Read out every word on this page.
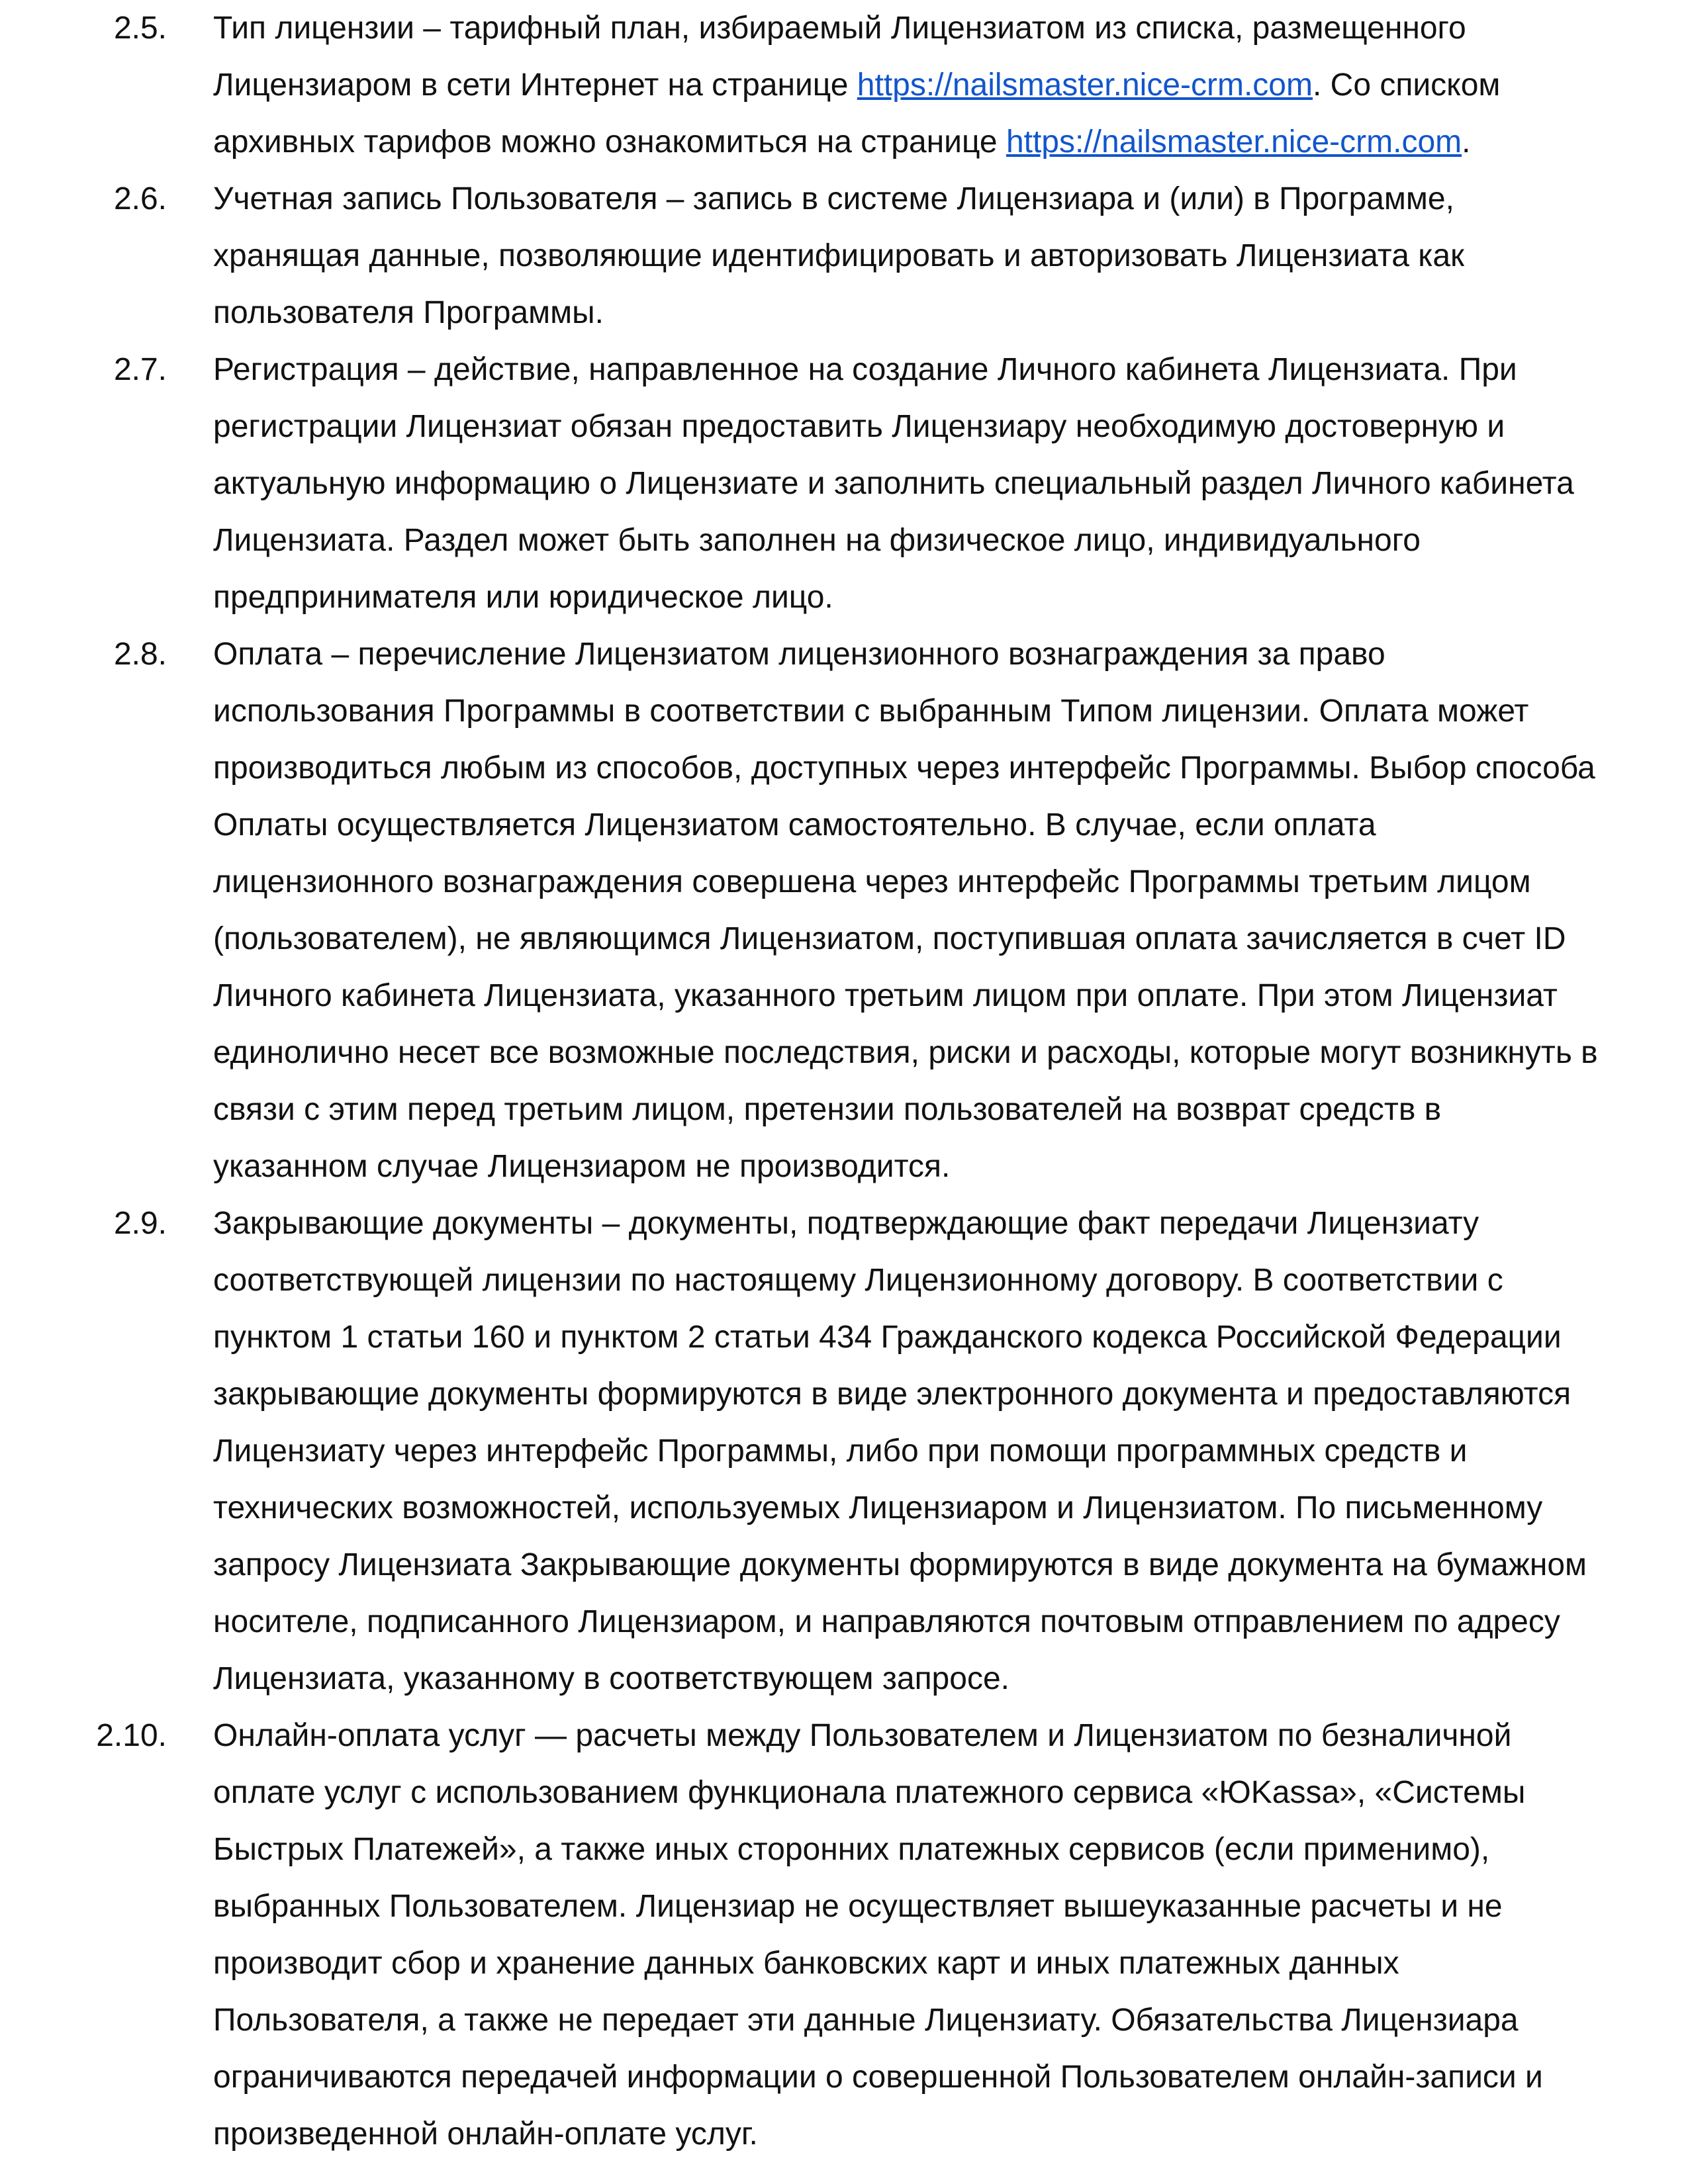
2.5. Тип лицензии – тарифный план, избираемый Лицензиатом из списка, размещенного
Лицензиаром в сети Интернет на странице https://nailsmaster.nice-crm.com. Со списком
архивных тарифов можно ознакомиться на странице https://nailsmaster.nice-crm.com.

2.6. Учетная запись Пользователя – запись в системе Лицензиара и (или) в Программе,
хранящая данные, позволяющие идентифицировать и авторизовать Лицензиата как
пользователя Программы.

2.7. Регистрация – действие, направленное на создание Личного кабинета Лицензиата. При
регистрации Лицензиат обязан предоставить Лицензиару необходимую достоверную и
актуальную информацию о Лицензиате и заполнить специальный раздел Личного кабинета
Лицензиата. Раздел может быть заполнен на физическое лицо, индивидуального
предпринимателя или юридическое лицо.

2.8. Оплата – перечисление Лицензиатом лицензионного вознаграждения за право
использования Программы в соответствии с выбранным Типом лицензии. Оплата может
производиться любым из способов, доступных через интерфейс Программы. Выбор способа
Оплаты осуществляется Лицензиатом самостоятельно. В случае, если оплата
лицензионного вознаграждения совершена через интерфейс Программы третьим лицом
(пользователем), не являющимся Лицензиатом, поступившая оплата зачисляется в счет ID
Личного кабинета Лицензиата, указанного третьим лицом при оплате. При этом Лицензиат
единолично несет все возможные последствия, риски и расходы, которые могут возникнуть в
связи с этим перед третьим лицом, претензии пользователей на возврат средств в
указанном случае Лицензиаром не производится.

2.9. Закрывающие документы – документы, подтверждающие факт передачи Лицензиату
соответствующей лицензии по настоящему Лицензионному договору. В соответствии с
пунктом 1 статьи 160 и пунктом 2 статьи 434 Гражданского кодекса Российской Федерации
закрывающие документы формируются в виде электронного документа и предоставляются
Лицензиату через интерфейс Программы, либо при помощи программных средств и
технических возможностей, используемых Лицензиаром и Лицензиатом. По письменному
запросу Лицензиата Закрывающие документы формируются в виде документа на бумажном
носителе, подписанного Лицензиаром, и направляются почтовым отправлением по адресу
Лицензиата, указанному в соответствующем запросе.

2.10. Онлайн-оплата услуг — расчеты между Пользователем и Лицензиатом по безналичной
оплате услуг с использованием функционала платежного сервиса «ЮKassa», «Системы
Быстрых Платежей», а также иных сторонних платежных сервисов (если применимо),
выбранных Пользователем. Лицензиар не осуществляет вышеуказанные расчеты и не
производит сбор и хранение данных банковских карт и иных платежных данных
Пользователя, а также не передает эти данные Лицензиату. Обязательства Лицензиара
ограничиваются передачей информации о совершенной Пользователем онлайн-записи и
произведенной онлайн-оплате услуг.
